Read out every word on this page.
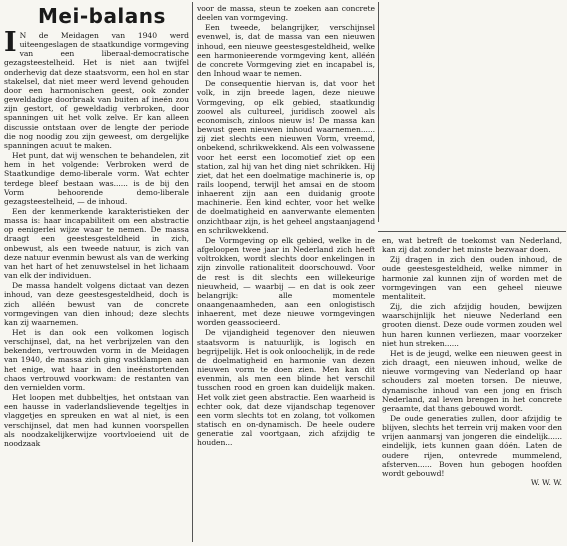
Mei-balans

I N de Meidagen van 1940 werd uiteengeslagen de staatkundige vormgeving van een liberaal-democratische gezagsteestelheid. Het is niet aan twijfel onderhevig dat deze staatsvorm, een hol en star stakelsel, dat niet meer werd levend gehouden door een harmonischen geest, ook zonder geweldadige doorbraak van buiten af ineén zou zijn gestort, of geweldadig verbroken, door spanningen uit het volk zelve. Er kan alleen discussie ontstaan over de lengte der periode die nog noodig zou zijn geweest, om dergelijke spanningen acuut te maken.

Het punt, dat wij wenschen te behandelen, zit hem in het volgende: Verbroken werd de Staatkundige demo-liberale vorm. Wat echter terdege bleef bestaan was...... is de bij den Vorm behoorende demo-liberale gezagsteestelheid, — de inhoud.

Een der kenmerkende karakteristieken der massa is: haar incapabiliteit om een abstractie op eenigerlei wijze waar te nemen. De massa draagt een geestesgesteldheid in zich, onbewust, als een tweede natuur, is zich van deze natuur evenmin bewust als van de werking van het hart of het zenuwstelsel in het lichaam van elk der individuen.

De massa handelt volgens dictaat van dezen inhoud, van deze geestesgesteldheid, doch is zich alléén bewust van de concrete vormgevingen van dien inhoud; deze slechts kan zij waarnemen.

Het is dan ook een volkomen logisch verschijnsel, dat, na het verbrijzelen van den bekenden, vertrouwden vorm in de Meidagen van 1940, de massa zich ging vastklampen aan het enige, wat haar in den ineénstortenden chaos vertrouwd voorkwam: de restanten van den vernielden vorm.

Het loopen met dubbeltjes, het ontstaan van een hausse in vaderlandslievende tegeltjes in vlaggetjes en spreuken en wat al niet, is een verschijnsel, dat men had kunnen voorspellen als noodzakelijkerwijze voortvloeiend uit de noodzaak

voor de massa, steun te zoeken aan concrete deelen van vormgeving.

Een tweede, belangrijker, verschijnsel evenwel, is, dat de massa van een nieuwen inhoud, een nieuwe geestesgesteldheid, welke een harmonieerende vormgeving kent, alléén de concrete Vormgeving ziet en incapabel is, den Inhoud waar te nemen.

De consequentie hiervan is, dat voor het volk, in zijn breede lagen, deze nieuwe Vormgeving, op elk gebied, staatkundig zoowel als cultureel, juridisch zoowel als economisch, zinloos nieuw is! De massa kan bewust geen nieuwen inhoud waarnemen...... zij ziet slechts een nieuwen Vorm, vreemd, onbekend, schrikwekkend. Als een volwassene voor het eerst een locomotief ziet op een station, zal hij van het ding niet schrikken. Hij ziet, dat het een doelmatige machinerie is, op rails loopend, terwijl het amsai en de stoom inhaerent zijn aan een duidanig groote machinerie. Een kind echter, voor het welke de doelmatigheid en aanverwante elementen onzichtbaar zijn, is het geheel angstaanjagend en schrikwekkend.

De Vormgeving op elk gebied, welke in de afgeloopen twee jaar in Nederland zich heeft voltrokken, wordt slechts door enkelingen in zijn zinvolle rationaliteit doorschouwd. Voor de rest is dit slechts een willekeurige nieuwheid, — waarbij — en dat is ook zeer belangrijk: alle momentele onaangenaamheden, aan een onlogistisch inhaerent, met deze nieuwe vormgevingen worden geassocieerd.

De vijandigheid tegenover den nieuwen staatsvorm is natuurlijk, is logisch en begrijpelijk. Het is ook onloochelijk, in de rede de doelmatigheid en harmonie van dezen nieuwen vorm te doen zien. Men kan dit evenmin, als men een blinde het verschil tusschen rood en groen kan duidelijk maken. Het volk ziet geen abstractie. Een waarheid is echter ook, dat deze vijandschap tegenover een vorm slechts tot en zolang, tot volkomen statisch en on-dynamisch. De heele oudere generatie zal voortgaan, zich afzijdig te houden...

en, wat betreft de toekomst van Nederland, kan zij dat zonder het minste bezwaar doen.

Zij dragen in zich den ouden inhoud, de oude geestesgesteldheid, welke nimmer in harmonie zal kunnen zijn of worden met de vormgevingen van een geheel nieuwe mentaliteit.

Zij, die zich afzijdig houden, bewijzen waarschijnlijk het nieuwe Nederland een grooten dienst. Deze oude vormen zouden wel hun haren kunnen verliezen, maar voorzeker niet hun streken......

Het is de jeugd, welke een nieuwen geest in zich draagt, een nieuwen inhoud, welke de nieuwe vormgeving van Nederland op haar schouders zal moeten torsen. De nieuwe, dynamische inhoud van een jong en frisch Nederland, zal leven brengen in het concrete geraamte, dat thans gebouwd wordt.

De oude generaties zullen, door afzijdig te blijven, slechts het terrein vrij maken voor den vrijen aanmarsj van jongeren die eindelijk...... eindelijk, iets kunnen gaan dóén. Laten de oudere rijen, ontevrede mummelend, afsterven...... Boven hun gebogen hoofden wordt gebouwd!

W. W. W.
